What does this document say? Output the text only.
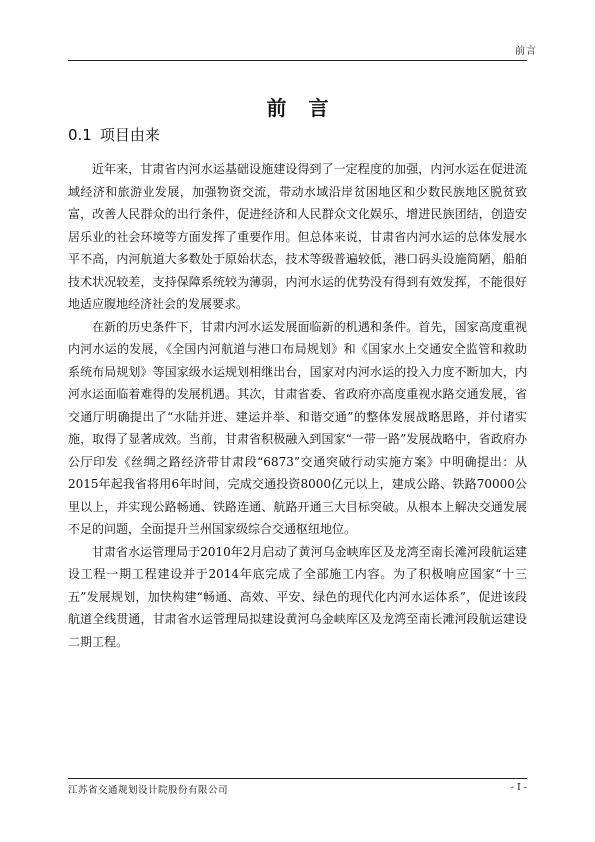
前言
前言
0.1 项目由来

近年来，甘肃省内河水运基础设施建设得到了一定程度的加强，内河水运在促进流域经济和旅游业发展，加强物资交流，带动水域沿岸贫困地区和少数民族地区脱贫致富，改善人民群众的出行条件，促进经济和人民群众文化娱乐，增进民族团结，创造安居乐业的社会环境等方面发挥了重要作用。但总体来说，甘肃省内河水运的总体发展水平不高，内河航道大多数处于原始状态，技术等级普遍较低，港口码头设施简陋，船舶技术状况较差，支持保障系统较为薄弱，内河水运的优势没有得到有效发挥，不能很好地适应腹地经济社会的发展要求。

在新的历史条件下，甘肃内河水运发展面临新的机遇和条件。首先，国家高度重视内河水运的发展，《全国内河航道与港口布局规划》和《国家水上交通安全监管和救助系统布局规划》等国家级水运规划相继出台，国家对内河水运的投入力度不断加大，内河水运面临着难得的发展机遇。其次，甘肃省委、省政府亦高度重视水路交通发展，省交通厅明确提出了“水陆并进、建运并举、和谐交通”的整体发展战略思路，并付诸实施，取得了显著成效。当前，甘肃省积极融入到国家“一带一路”发展战略中，省政府办公厅印发《丝绸之路经济带甘肃段“6873”交通突破行动实施方案》中明确提出：从2015年起我省将用6年时间，完成交通投资8000亿元以上，建成公路、铁路70000公里以上，并实现公路畅通、铁路连通、航路开通三大目标突破。从根本上解决交通发展不足的问题，全面提升兰州国家级综合交通枢纽地位。

甘肃省水运管理局于2010年2月启动了黄河乌金峡库区及龙湾至南长滩河段航运建设工程一期工程建设并于2014年底完成了全部施工内容。为了积极响应国家“十三五”发展规划，加快构建“畅通、高效、平安、绿色的现代化内河水运体系”，促进该段航道全线贯通，甘肃省水运管理局拟建设黄河乌金峡库区及龙湾至南长滩河段航运建设二期工程。

江苏省交通规划设计院股份有限公司	- I -
